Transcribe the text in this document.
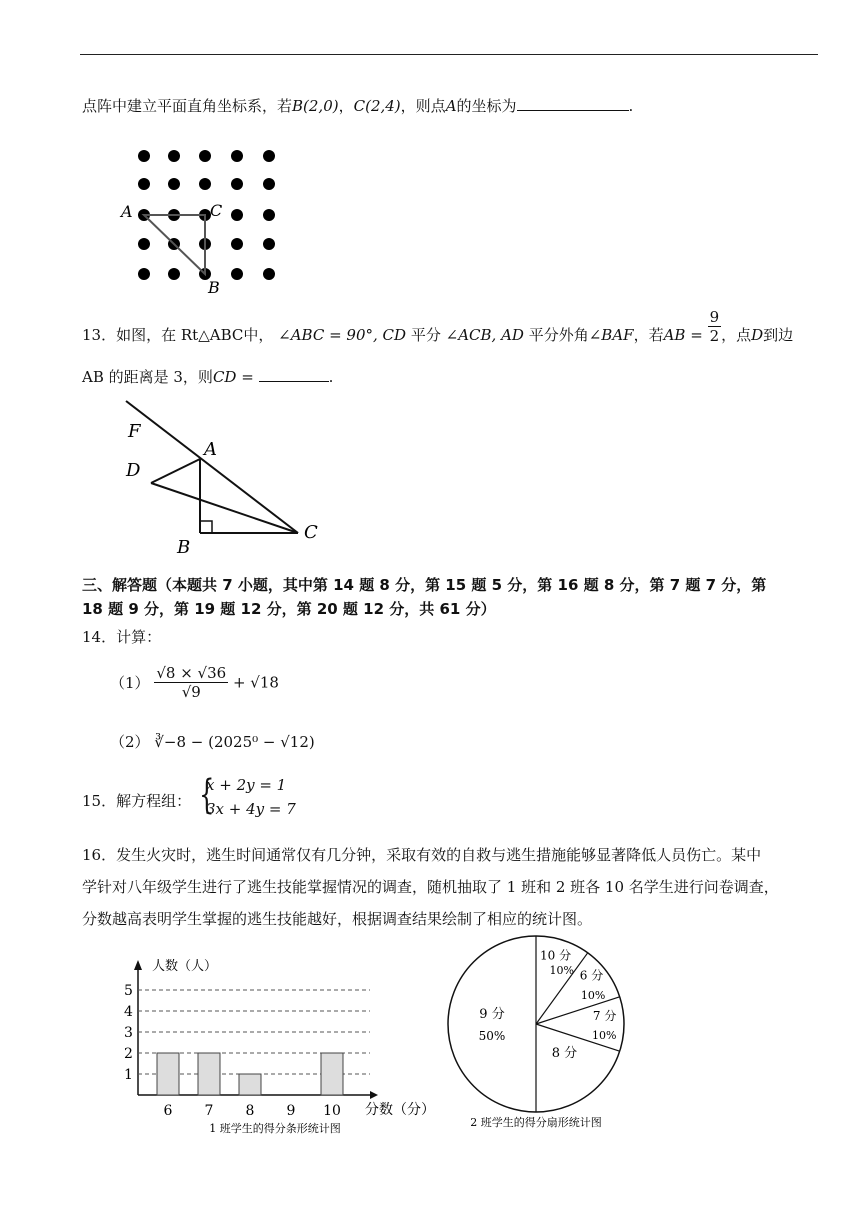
点阵中建立平面直角坐标系，若B(2,0)，C(2,4)，则点A的坐标为	.
A	C
B
13．如图，在 Rt△ABC中， ∠ABC = 90°, CD 平分 ∠ACB, AD 平分外角∠BAF，若AB = $\frac{9}{2}$ ，点D到边
AB 的距离是 3，则CD =	.
F
A
D
B
C
三、解答题（本题共 7 小题，其中第 14 题 8 分，第 15 题 5 分，第 16 题 8 分，第 7 题 7 分，第
18 题 9 分，第 19 题 12 分，第 20 题 12 分，共 61 分）
14．计算：
$(1) \frac{√8 \times √36}{√9} + √18$
（2） ∛−8 − (2025⁰ − √12)
15．解方程组： {
x + 2y = 1
3x + 4y = 7
16．发生火灾时，逃生时间通常仅有几分钟，采取有效的自救与逃生措施能够显著降低人员伤亡。某中
学针对八年级学生进行了逃生技能掌握情况的调查，随机抽取了 1 班和 2 班各 10 名学生进行问卷调查，
分数越高表明学生掌握的逃生技能越好，根据调查结果绘制了相应的统计图。
1
2
3
4
5
6 7 8 9 10
人数（人）
分数（分）
1 班学生的得分条形统计图
10 分
10% 6 分
10%
7 分
10%
8 分
9 分
50%
2 班学生的得分扇形统计图
